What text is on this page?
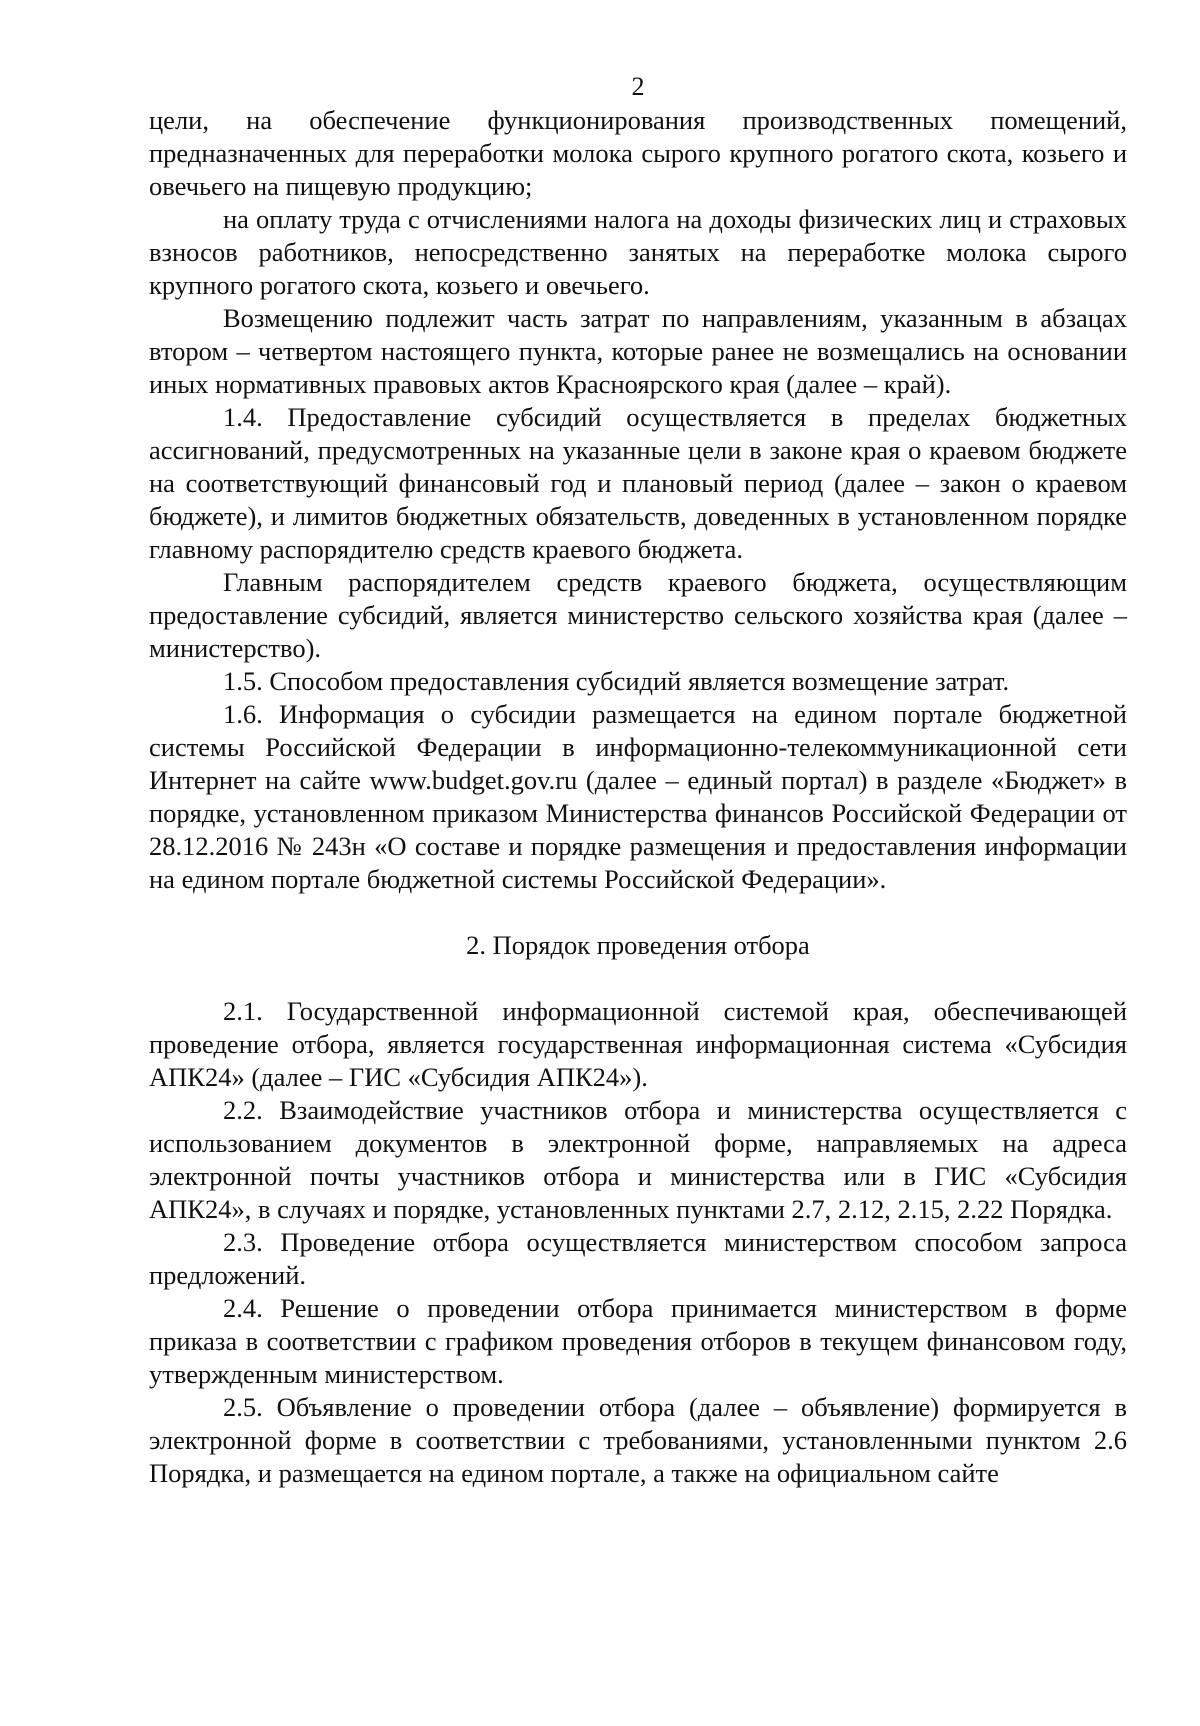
2

цели, на обеспечение функционирования производственных помещений, предназначенных для переработки молока сырого крупного рогатого скота, козьего и овечьего на пищевую продукцию;

на оплату труда с отчислениями налога на доходы физических лиц и страховых взносов работников, непосредственно занятых на переработке молока сырого крупного рогатого скота, козьего и овечьего.

Возмещению подлежит часть затрат по направлениям, указанным в абзацах втором – четвертом настоящего пункта, которые ранее не возмещались на основании иных нормативных правовых актов Красноярского края (далее – край).

1.4. Предоставление субсидий осуществляется в пределах бюджетных ассигнований, предусмотренных на указанные цели в законе края о краевом бюджете на соответствующий финансовый год и плановый период (далее – закон о краевом бюджете), и лимитов бюджетных обязательств, доведенных в установленном порядке главному распорядителю средств краевого бюджета.

Главным распорядителем средств краевого бюджета, осуществляющим предоставление субсидий, является министерство сельского хозяйства края (далее – министерство).

1.5. Способом предоставления субсидий является возмещение затрат.

1.6. Информация о субсидии размещается на едином портале бюджетной системы Российской Федерации в информационно-телекоммуникационной сети Интернет на сайте www.budget.gov.ru (далее – единый портал) в разделе «Бюджет» в порядке, установленном приказом Министерства финансов Российской Федерации от 28.12.2016 № 243н «О составе и порядке размещения и предоставления информации на едином портале бюджетной системы Российской Федерации».

2. Порядок проведения отбора

2.1. Государственной информационной системой края, обеспечивающей проведение отбора, является государственная информационная система «Субсидия АПК24» (далее – ГИС «Субсидия АПК24»).

2.2. Взаимодействие участников отбора и министерства осуществляется с использованием документов в электронной форме, направляемых на адреса электронной почты участников отбора и министерства или в ГИС «Субсидия АПК24», в случаях и порядке, установленных пунктами 2.7, 2.12, 2.15, 2.22 Порядка.

2.3. Проведение отбора осуществляется министерством способом запроса предложений.

2.4. Решение о проведении отбора принимается министерством в форме приказа в соответствии с графиком проведения отборов в текущем финансовом году, утвержденным министерством.

2.5. Объявление о проведении отбора (далее – объявление) формируется в электронной форме в соответствии с требованиями, установленными пунктом 2.6 Порядка, и размещается на едином портале, а также на официальном сайте
